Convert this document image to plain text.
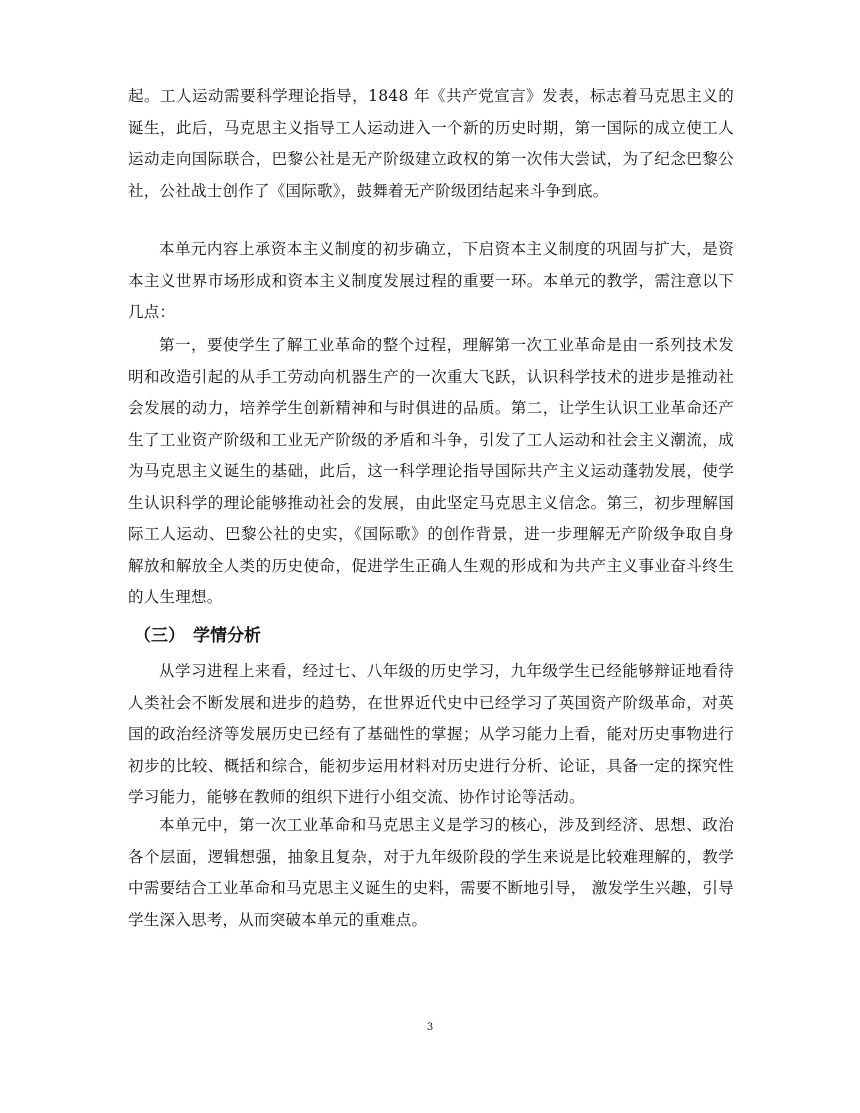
起。工人运动需要科学理论指导，1848 年《共产党宣言》发表，标志着马克思主义的诞生，此后，马克思主义指导工人运动进入一个新的历史时期，第一国际的成立使工人运动走向国际联合，巴黎公社是无产阶级建立政权的第一次伟大尝试，为了纪念巴黎公社，公社战士创作了《国际歌》，鼓舞着无产阶级团结起来斗争到底。
本单元内容上承资本主义制度的初步确立，下启资本主义制度的巩固与扩大，是资本主义世界市场形成和资本主义制度发展过程的重要一环。本单元的教学，需注意以下几点：
第一，要使学生了解工业革命的整个过程，理解第一次工业革命是由一系列技术发明和改造引起的从手工劳动向机器生产的一次重大飞跃，认识科学技术的进步是推动社会发展的动力，培养学生创新精神和与时俱进的品质。第二，让学生认识工业革命还产生了工业资产阶级和工业无产阶级的矛盾和斗争，引发了工人运动和社会主义潮流，成为马克思主义诞生的基础，此后，这一科学理论指导国际共产主义运动蓬勃发展，使学生认识科学的理论能够推动社会的发展，由此坚定马克思主义信念。第三，初步理解国际工人运动、巴黎公社的史实，《国际歌》的创作背景，进一步理解无产阶级争取自身解放和解放全人类的历史使命，促进学生正确人生观的形成和为共产主义事业奋斗终生的人生理想。
（三） 学情分析
从学习进程上来看，经过七、八年级的历史学习，九年级学生已经能够辩证地看待人类社会不断发展和进步的趋势，在世界近代史中已经学习了英国资产阶级革命，对英国的政治经济等发展历史已经有了基础性的掌握；从学习能力上看，能对历史事物进行初步的比较、概括和综合，能初步运用材料对历史进行分析、论证，具备一定的探究性学习能力，能够在教师的组织下进行小组交流、协作讨论等活动。
本单元中，第一次工业革命和马克思主义是学习的核心，涉及到经济、思想、政治各个层面，逻辑想强，抽象且复杂，对于九年级阶段的学生来说是比较难理解的，教学中需要结合工业革命和马克思主义诞生的史料，需要不断地引导， 激发学生兴趣，引导学生深入思考，从而突破本单元的重难点。
3
